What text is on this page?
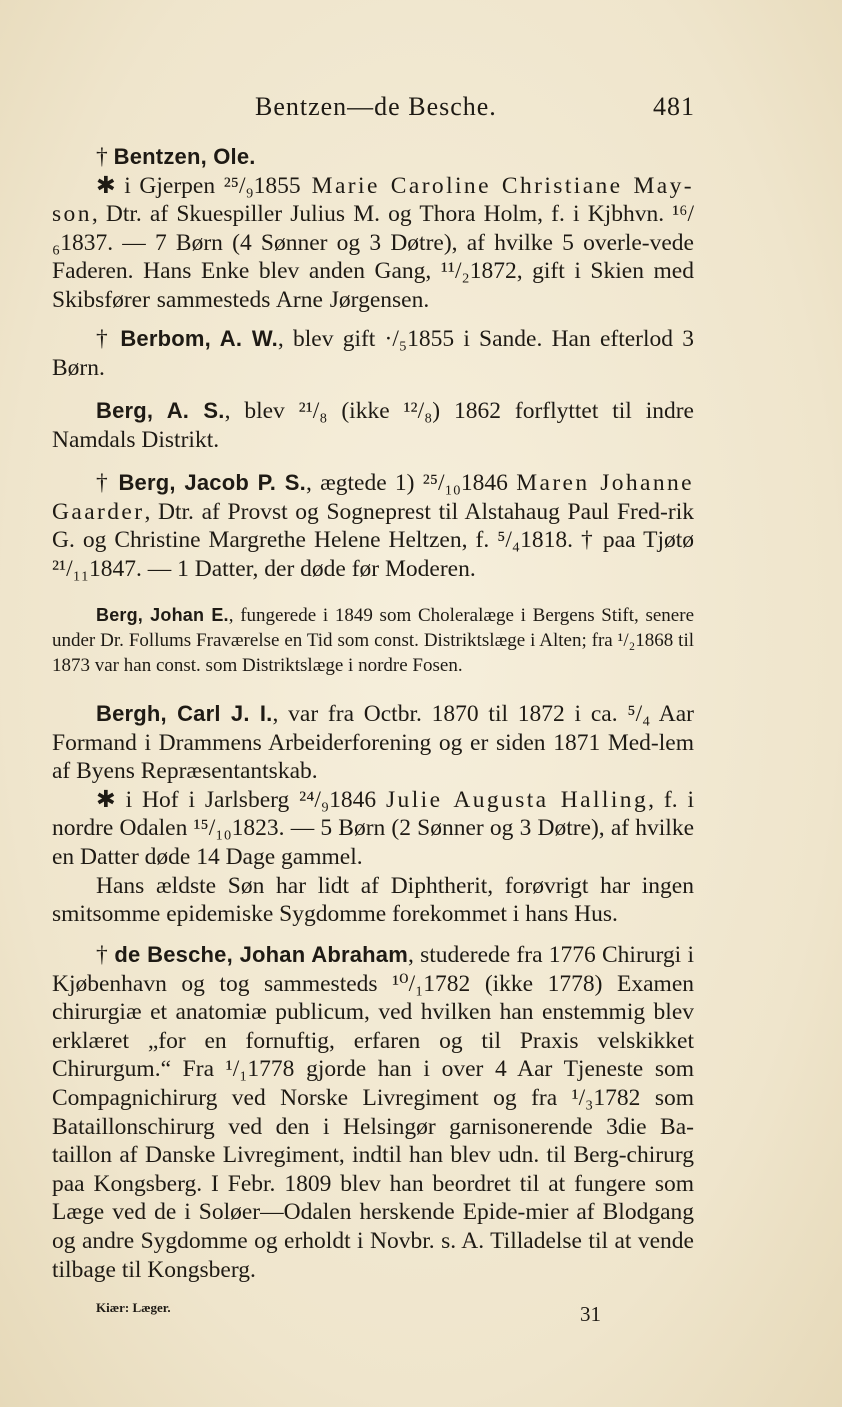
Bentzen—de Besche.	481

† Bentzen, Ole.

✱ i Gjerpen ²⁵/₉1855 Marie Caroline Christiane May-son, Dtr. af Skuespiller Julius M. og Thora Holm, f. i Kjbhvn. ¹⁶/₆1837. — 7 Børn (4 Sønner og 3 Døtre), af hvilke 5 overle-vede Faderen. Hans Enke blev anden Gang, ¹¹/₂1872, gift i Skien med Skibsfører sammesteds Arne Jørgensen.

† Berbom, A. W., blev gift ·/₅1855 i Sande. Han efterlod 3 Børn.

Berg, A. S., blev ²¹/₈ (ikke ¹²/₈) 1862 forflyttet til indre Namdals Distrikt.

† Berg, Jacob P. S., ægtede 1) ²⁵/₁₀1846 Maren Johanne Gaarder, Dtr. af Provst og Sogneprest til Alstahaug Paul Fred-rik G. og Christine Margrethe Helene Heltzen, f. ⁵/₄1818. † paa Tjøtø ²¹/₁₁1847. — 1 Datter, der døde før Moderen.

Berg, Johan E., fungerede i 1849 som Choleralæge i Bergens Stift, senere under Dr. Follums Fraværelse en Tid som const. Distriktslæge i Alten; fra ¹/₂1868 til 1873 var han const. som Distriktslæge i nordre Fosen.

Bergh, Carl J. I., var fra Octbr. 1870 til 1872 i ca. ⁵/₄ Aar Formand i Drammens Arbeiderforening og er siden 1871 Med-lem af Byens Repræsentantskab.

✱ i Hof i Jarlsberg ²⁴/₉1846 Julie Augusta Halling, f. i nordre Odalen ¹⁵/₁₀1823. — 5 Børn (2 Sønner og 3 Døtre), af hvilke en Datter døde 14 Dage gammel.

Hans ældste Søn har lidt af Diphtherit, forøvrigt har ingen smitsomme epidemiske Sygdomme forekommet i hans Hus.

† de Besche, Johan Abraham, studerede fra 1776 Chirurgi i Kjøbenhavn og tog sammesteds ¹⁰/₁1782 (ikke 1778) Examen chirurgiæ et anatomiæ publicum, ved hvilken han enstemmig blev erklæret „for en fornuftig, erfaren og til Praxis velskikket Chirurgum.“ Fra ¹/₁1778 gjorde han i over 4 Aar Tjeneste som Compagnichirurg ved Norske Livregiment og fra ¹/₃1782 som Bataillonschirurg ved den i Helsingør garnisonerende 3die Ba-taillon af Danske Livregiment, indtil han blev udn. til Berg-chirurg paa Kongsberg. I Febr. 1809 blev han beordret til at fungere som Læge ved de i Soløer—Odalen herskende Epide-mier af Blodgang og andre Sygdomme og erholdt i Novbr. s. A. Tilladelse til at vende tilbage til Kongsberg.

Kiær: Læger.	31
